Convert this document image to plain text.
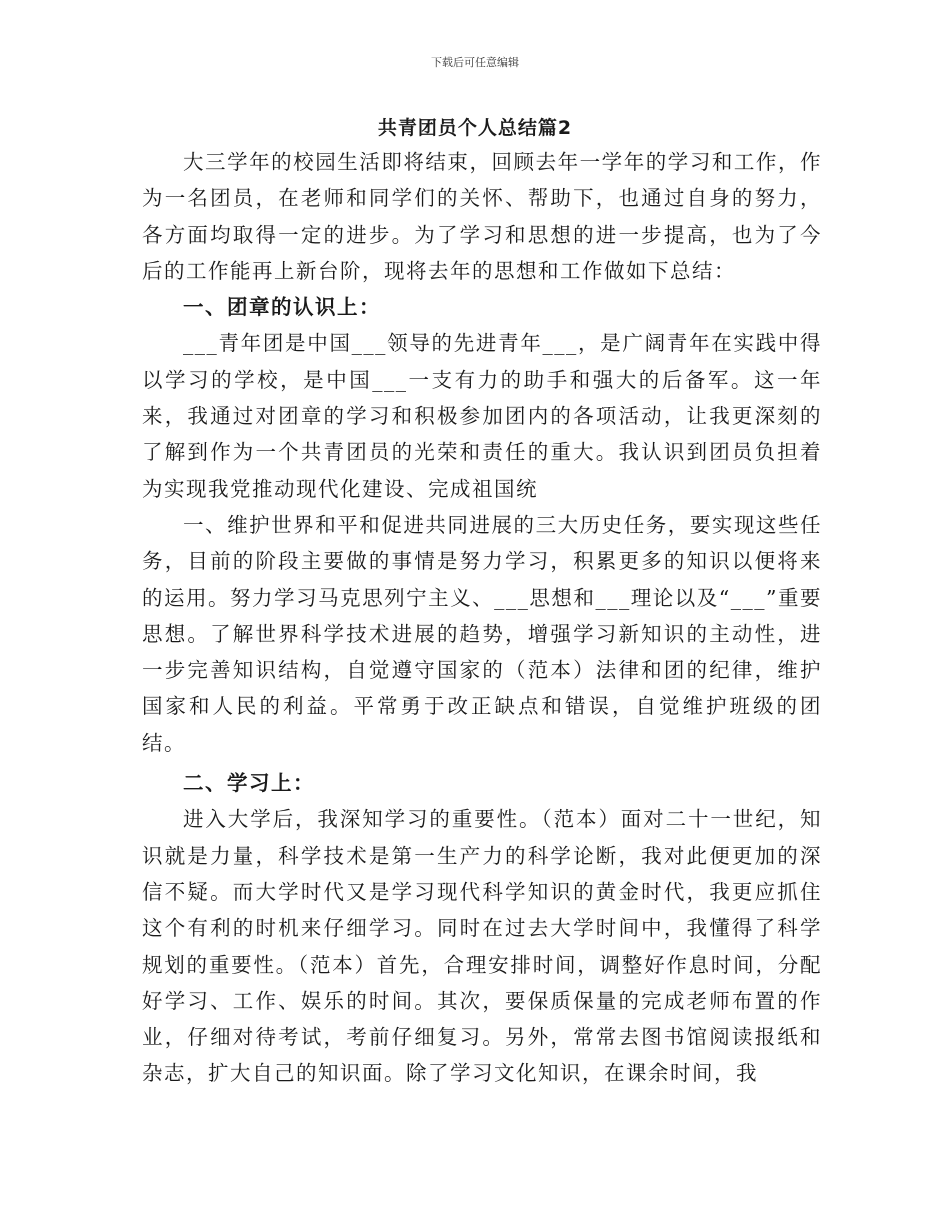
下载后可任意编辑
共青团员个人总结篇2

大三学年的校园生活即将结束，回顾去年一学年的学习和工作，作为一名团员，在老师和同学们的关怀、帮助下，也通过自身的努力，各方面均取得一定的进步。为了学习和思想的进一步提高，也为了今后的工作能再上新台阶，现将去年的思想和工作做如下总结：

一、团章的认识上：

___青年团是中国___领导的先进青年___，是广阔青年在实践中得以学习的学校，是中国___一支有力的助手和强大的后备军。这一年来，我通过对团章的学习和积极参加团内的各项活动，让我更深刻的了解到作为一个共青团员的光荣和责任的重大。我认识到团员负担着为实现我党推动现代化建设、完成祖国统

一、维护世界和平和促进共同进展的三大历史任务，要实现这些任务，目前的阶段主要做的事情是努力学习，积累更多的知识以便将来的运用。努力学习马克思列宁主义、___思想和___理论以及“___”重要思想。了解世界科学技术进展的趋势，增强学习新知识的主动性，进一步完善知识结构，自觉遵守国家的（范本）法律和团的纪律，维护国家和人民的利益。平常勇于改正缺点和错误，自觉维护班级的团结。

二、学习上：

进入大学后，我深知学习的重要性。（范本）面对二十一世纪，知识就是力量，科学技术是第一生产力的科学论断，我对此便更加的深信不疑。而大学时代又是学习现代科学知识的黄金时代，我更应抓住这个有利的时机来仔细学习。同时在过去大学时间中，我懂得了科学规划的重要性。（范本）首先，合理安排时间，调整好作息时间，分配好学习、工作、娱乐的时间。其次，要保质保量的完成老师布置的作业，仔细对待考试，考前仔细复习。另外，常常去图书馆阅读报纸和杂志，扩大自己的知识面。除了学习文化知识，在课余时间，我
